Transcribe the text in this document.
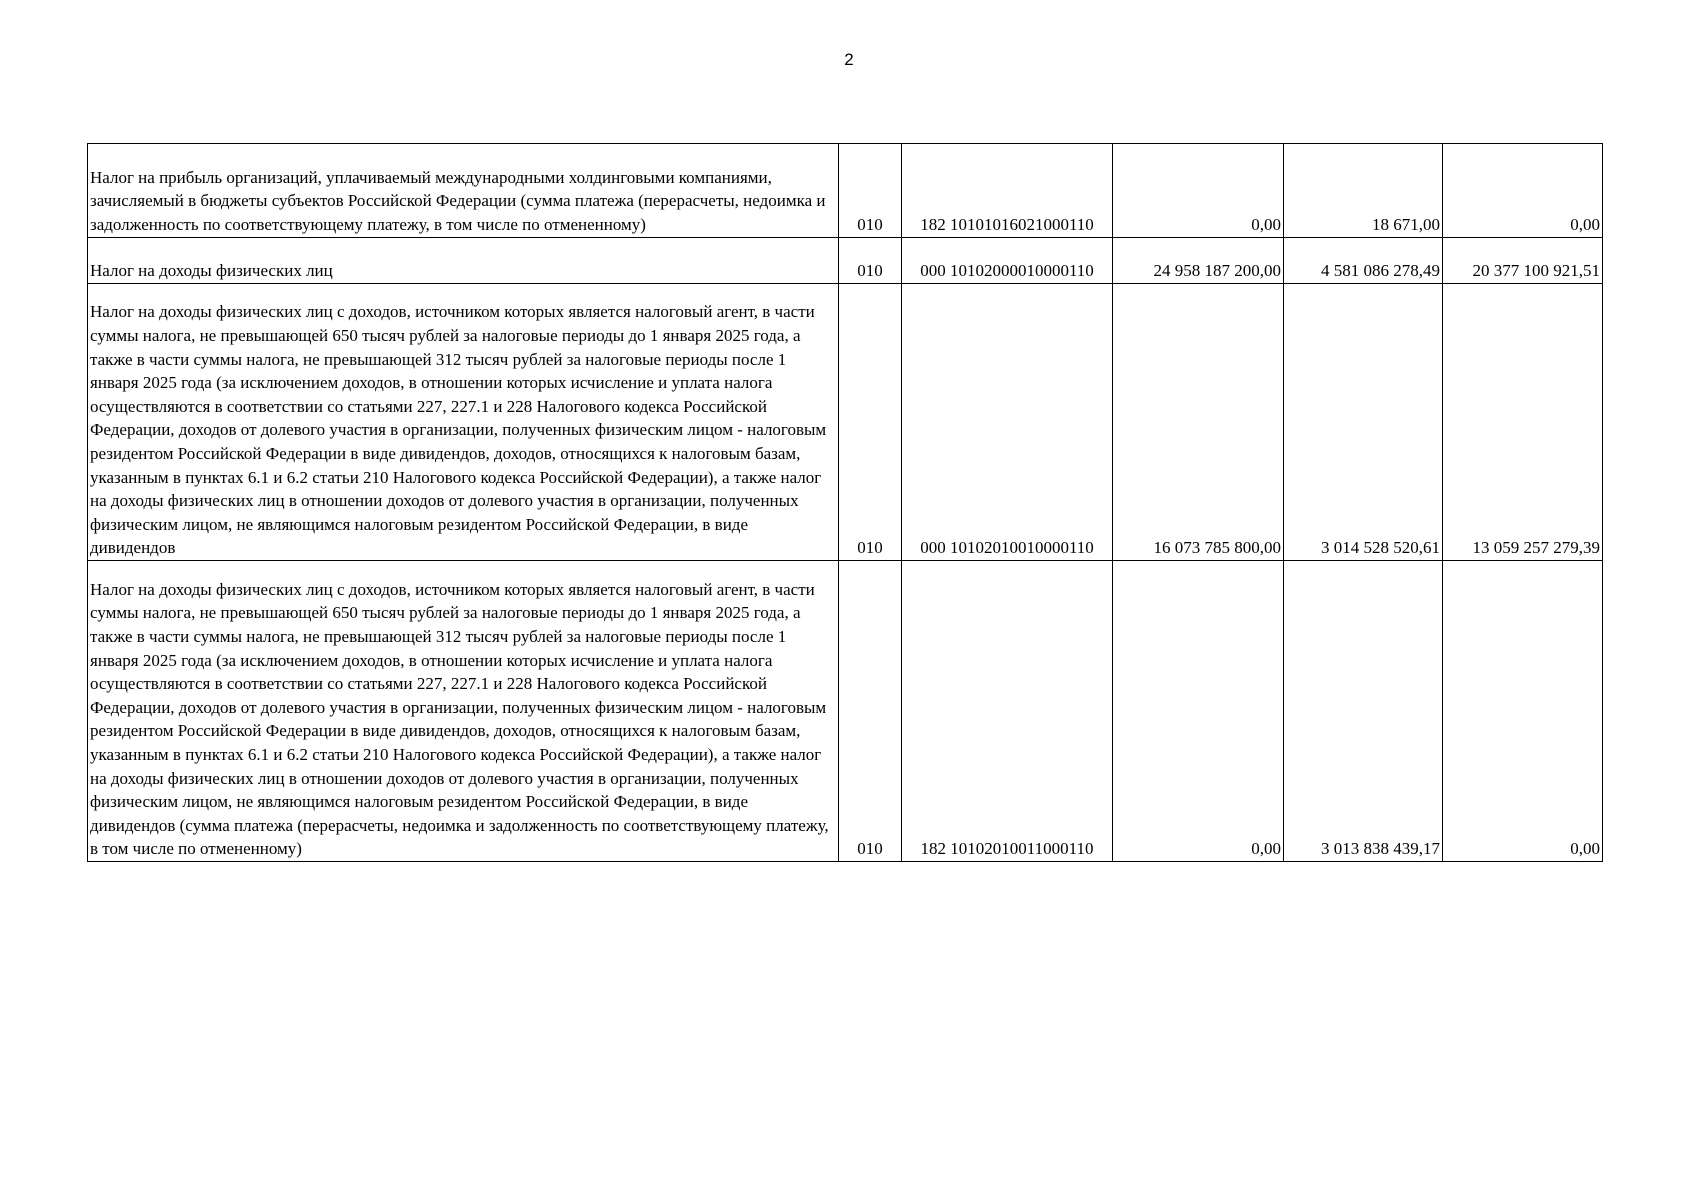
2
Налог на прибыль организаций, уплачиваемый международными холдинговыми компаниями, зачисляемый в бюджеты субъектов Российской Федерации (сумма платежа (перерасчеты, недоимка и задолженность по соответствующему платежу, в том числе по отмененному)	010	182 10101016021000110	0,00	18 671,00	0,00
Налог на доходы физических лиц	010	000 10102000010000110	24 958 187 200,00	4 581 086 278,49	20 377 100 921,51
Налог на доходы физических лиц с доходов, источником которых является налоговый агент, в части суммы налога, не превышающей 650 тысяч рублей за налоговые периоды до 1 января 2025 года, а также в части суммы налога, не превышающей 312 тысяч рублей за налоговые периоды после 1 января 2025 года (за исключением доходов, в отношении которых исчисление и уплата налога осуществляются в соответствии со статьями 227, 227.1 и 228 Налогового кодекса Российской Федерации, доходов от долевого участия в организации, полученных физическим лицом - налоговым резидентом Российской Федерации в виде дивидендов, доходов, относящихся к налоговым базам, указанным в пунктах 6.1 и 6.2 статьи 210 Налогового кодекса Российской Федерации), а также налог на доходы физических лиц в отношении доходов от долевого участия в организации, полученных физическим лицом, не являющимся налоговым резидентом Российской Федерации, в виде дивидендов	010	000 10102010010000110	16 073 785 800,00	3 014 528 520,61	13 059 257 279,39
Налог на доходы физических лиц с доходов, источником которых является налоговый агент, в части суммы налога, не превышающей 650 тысяч рублей за налоговые периоды до 1 января 2025 года, а также в части суммы налога, не превышающей 312 тысяч рублей за налоговые периоды после 1 января 2025 года (за исключением доходов, в отношении которых исчисление и уплата налога осуществляются в соответствии со статьями 227, 227.1 и 228 Налогового кодекса Российской Федерации, доходов от долевого участия в организации, полученных физическим лицом - налоговым резидентом Российской Федерации в виде дивидендов, доходов, относящихся к налоговым базам, указанным в пунктах 6.1 и 6.2 статьи 210 Налогового кодекса Российской Федерации), а также налог на доходы физических лиц в отношении доходов от долевого участия в организации, полученных физическим лицом, не являющимся налоговым резидентом Российской Федерации, в виде дивидендов (сумма платежа (перерасчеты, недоимка и задолженность по соответствующему платежу, в том числе по отмененному)	010	182 10102010011000110	0,00	3 013 838 439,17	0,00
